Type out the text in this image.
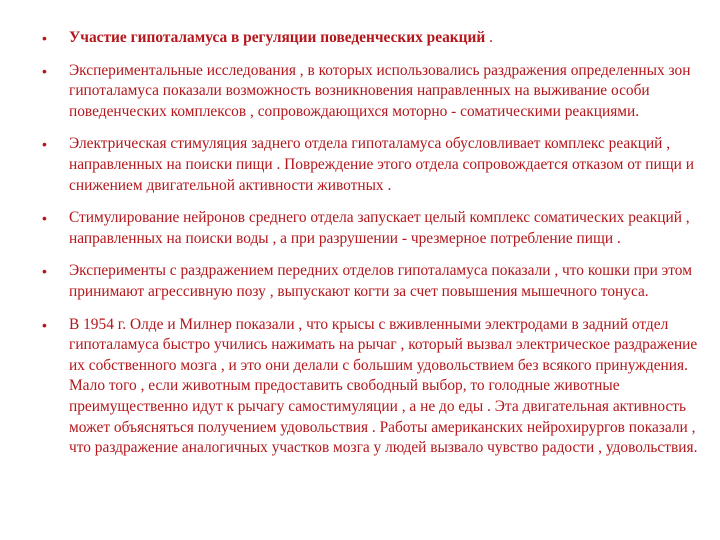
• Участие гипоталамуса в регуляции поведенческих реакций .
• Экспериментальные исследования , в которых использовались раздражения определенных зон гипоталамуса показали возможность возникновения направленных на выживание особи поведенческих комплексов , сопровождающихся моторно - соматическими реакциями.
• Электрическая стимуляция заднего отдела гипоталамуса обусловливает комплекс реакций , направленных на поиски пищи . Повреждение этого отдела сопровождается отказом от пищи и снижением двигательной активности животных .
• Стимулирование нейронов среднего отдела запускает целый комплекс соматических реакций , направленных на поиски воды , а при разрушении - чрезмерное потребление пищи .
• Эксперименты с раздражением передних отделов гипоталамуса показали , что кошки при этом принимают агрессивную позу , выпускают когти за счет повышения мышечного тонуса.
• В 1954 г. Олде и Милнер показали , что крысы с вживленными электродами в задний отдел гипоталамуса быстро учились нажимать на рычаг , который вызвал электрическое раздражение их собственного мозга , и это они делали с большим удовольствием без всякого принуждения. Мало того , если животным предоставить свободный выбор, то голодные животные преимущественно идут к рычагу самостимуляции , а не до еды . Эта двигательная активность может объясняться получением удовольствия . Работы американских нейрохирургов показали , что раздражение аналогичных участков мозга у людей вызвало чувство радости , удовольствия.
